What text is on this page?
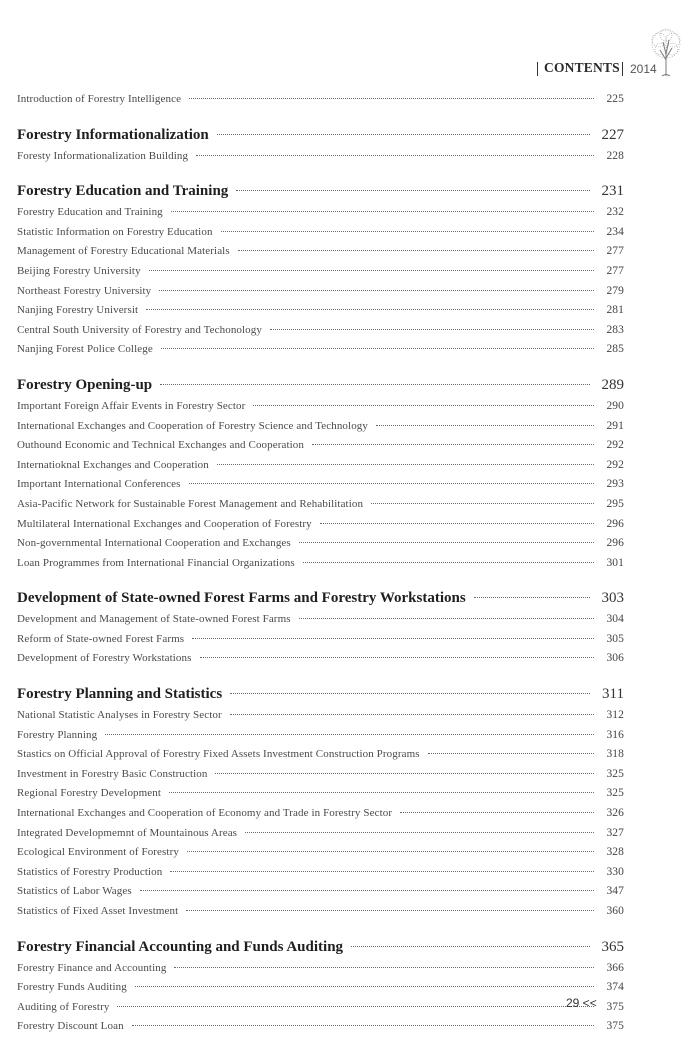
CONTENTS 2014
Introduction of Forestry Intelligence	225
Forestry Informationalization	227
Foresty Informationalization Building	228
Forestry Education and Training	231
Forestry Education and Training	232
Statistic Information on Forestry Education	234
Management of Forestry Educational Materials	277
Beijing Forestry University	277
Northeast Forestry University	279
Nanjing Forestry Universit	281
Central South University of Forestry and Techonology	283
Nanjing Forest Police College	285
Forestry Opening-up	289
Important Foreign Affair Events in Forestry Sector	290
International Exchanges and Cooperation of Forestry Science and Technology	291
Outhound Economic and Technical Exchanges and Cooperation	292
Internatioknal Exchanges and Cooperation	292
Important International Conferences	293
Asia-Pacific Network for Sustainable Forest Management and Rehabilitation	295
Multilateral International Exchanges and Cooperation of Forestry	296
Non-governmental International Cooperation and Exchanges	296
Loan Programmes from International Financial Organizations	301
Development of State-owned Forest Farms and Forestry Workstations	303
Development and Management of State-owned Forest Farms	304
Reform of State-owned Forest Farms	305
Development of Forestry Workstations	306
Forestry Planning and Statistics	311
National Statistic Analyses in Forestry Sector	312
Forestry Planning	316
Stastics on Official Approval of Forestry Fixed Assets Investment Construction Programs	318
Investment in Forestry Basic Construction	325
Regional Forestry Development	325
International Exchanges and Cooperation of Economy and Trade in Forestry Sector	326
Integrated Developmemnt of Mountainous Areas	327
Ecological Environment of Forestry	328
Statistics of Forestry Production	330
Statistics of Labor Wages	347
Statistics of Fixed Asset Investment	360
Forestry Financial Accounting and Funds Auditing	365
Forestry Finance and Accounting	366
Forestry Funds Auditing	374
Auditing of Forestry	375
Forestry Discount Loan	375
29 <<
